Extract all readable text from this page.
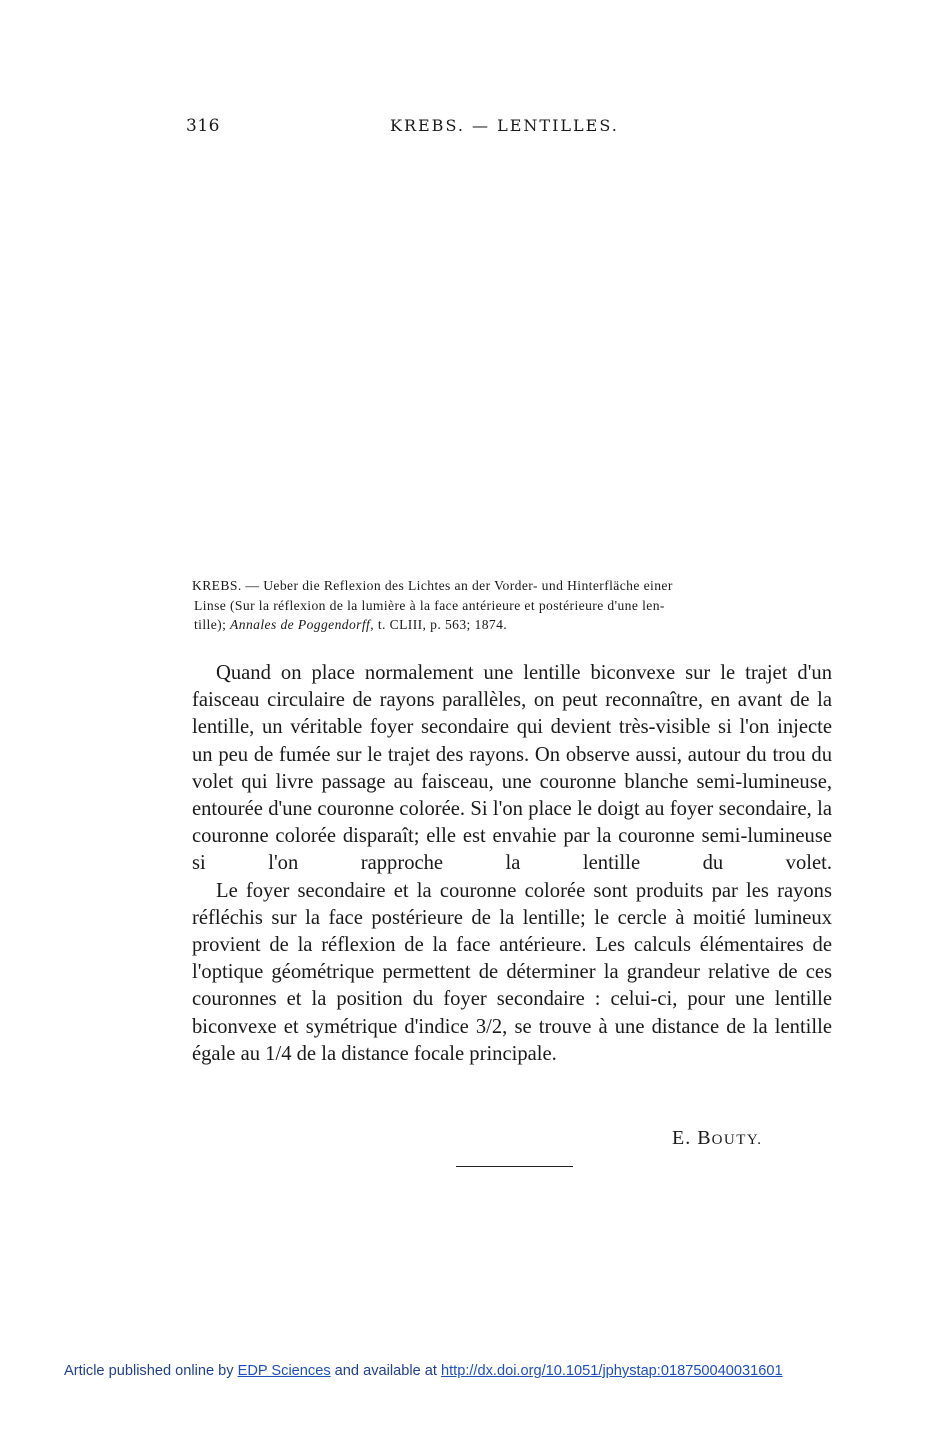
316	KREBS. — LENTILLES.
KREBS. — Ueber die Reflexion des Lichtes an der Vorder- und Hinterfläche einer
Linse (Sur la réflexion de la lumière à la face antérieure et postérieure d'une len-
tille); Annales de Poggendorff, t. CLIII, p. 563; 1874.

Quand on place normalement une lentille biconvexe sur le trajet d'un faisceau circulaire de rayons parallèles, on peut reconnaître, en avant de la lentille, un véritable foyer secondaire qui devient très-visible si l'on injecte un peu de fumée sur le trajet des rayons. On observe aussi, autour du trou du volet qui livre passage au faisceau, une couronne blanche semi-lumineuse, entourée d'une couronne colorée. Si l'on place le doigt au foyer secondaire, la couronne colorée disparaît; elle est envahie par la couronne semi-lumineuse si l'on rapproche la lentille du volet.

Le foyer secondaire et la couronne colorée sont produits par les rayons réfléchis sur la face postérieure de la lentille; le cercle à moitié lumineux provient de la réflexion de la face antérieure. Les calculs élémentaires de l'optique géométrique permettent de déterminer la grandeur relative de ces couronnes et la position du foyer secondaire : celui-ci, pour une lentille biconvexe et symétrique d'indice 3/2, se trouve à une distance de la lentille égale au 1/4 de la distance focale principale.

E. BOUTY.
Article published online by EDP Sciences and available at http://dx.doi.org/10.1051/jphystap:018750040031601
